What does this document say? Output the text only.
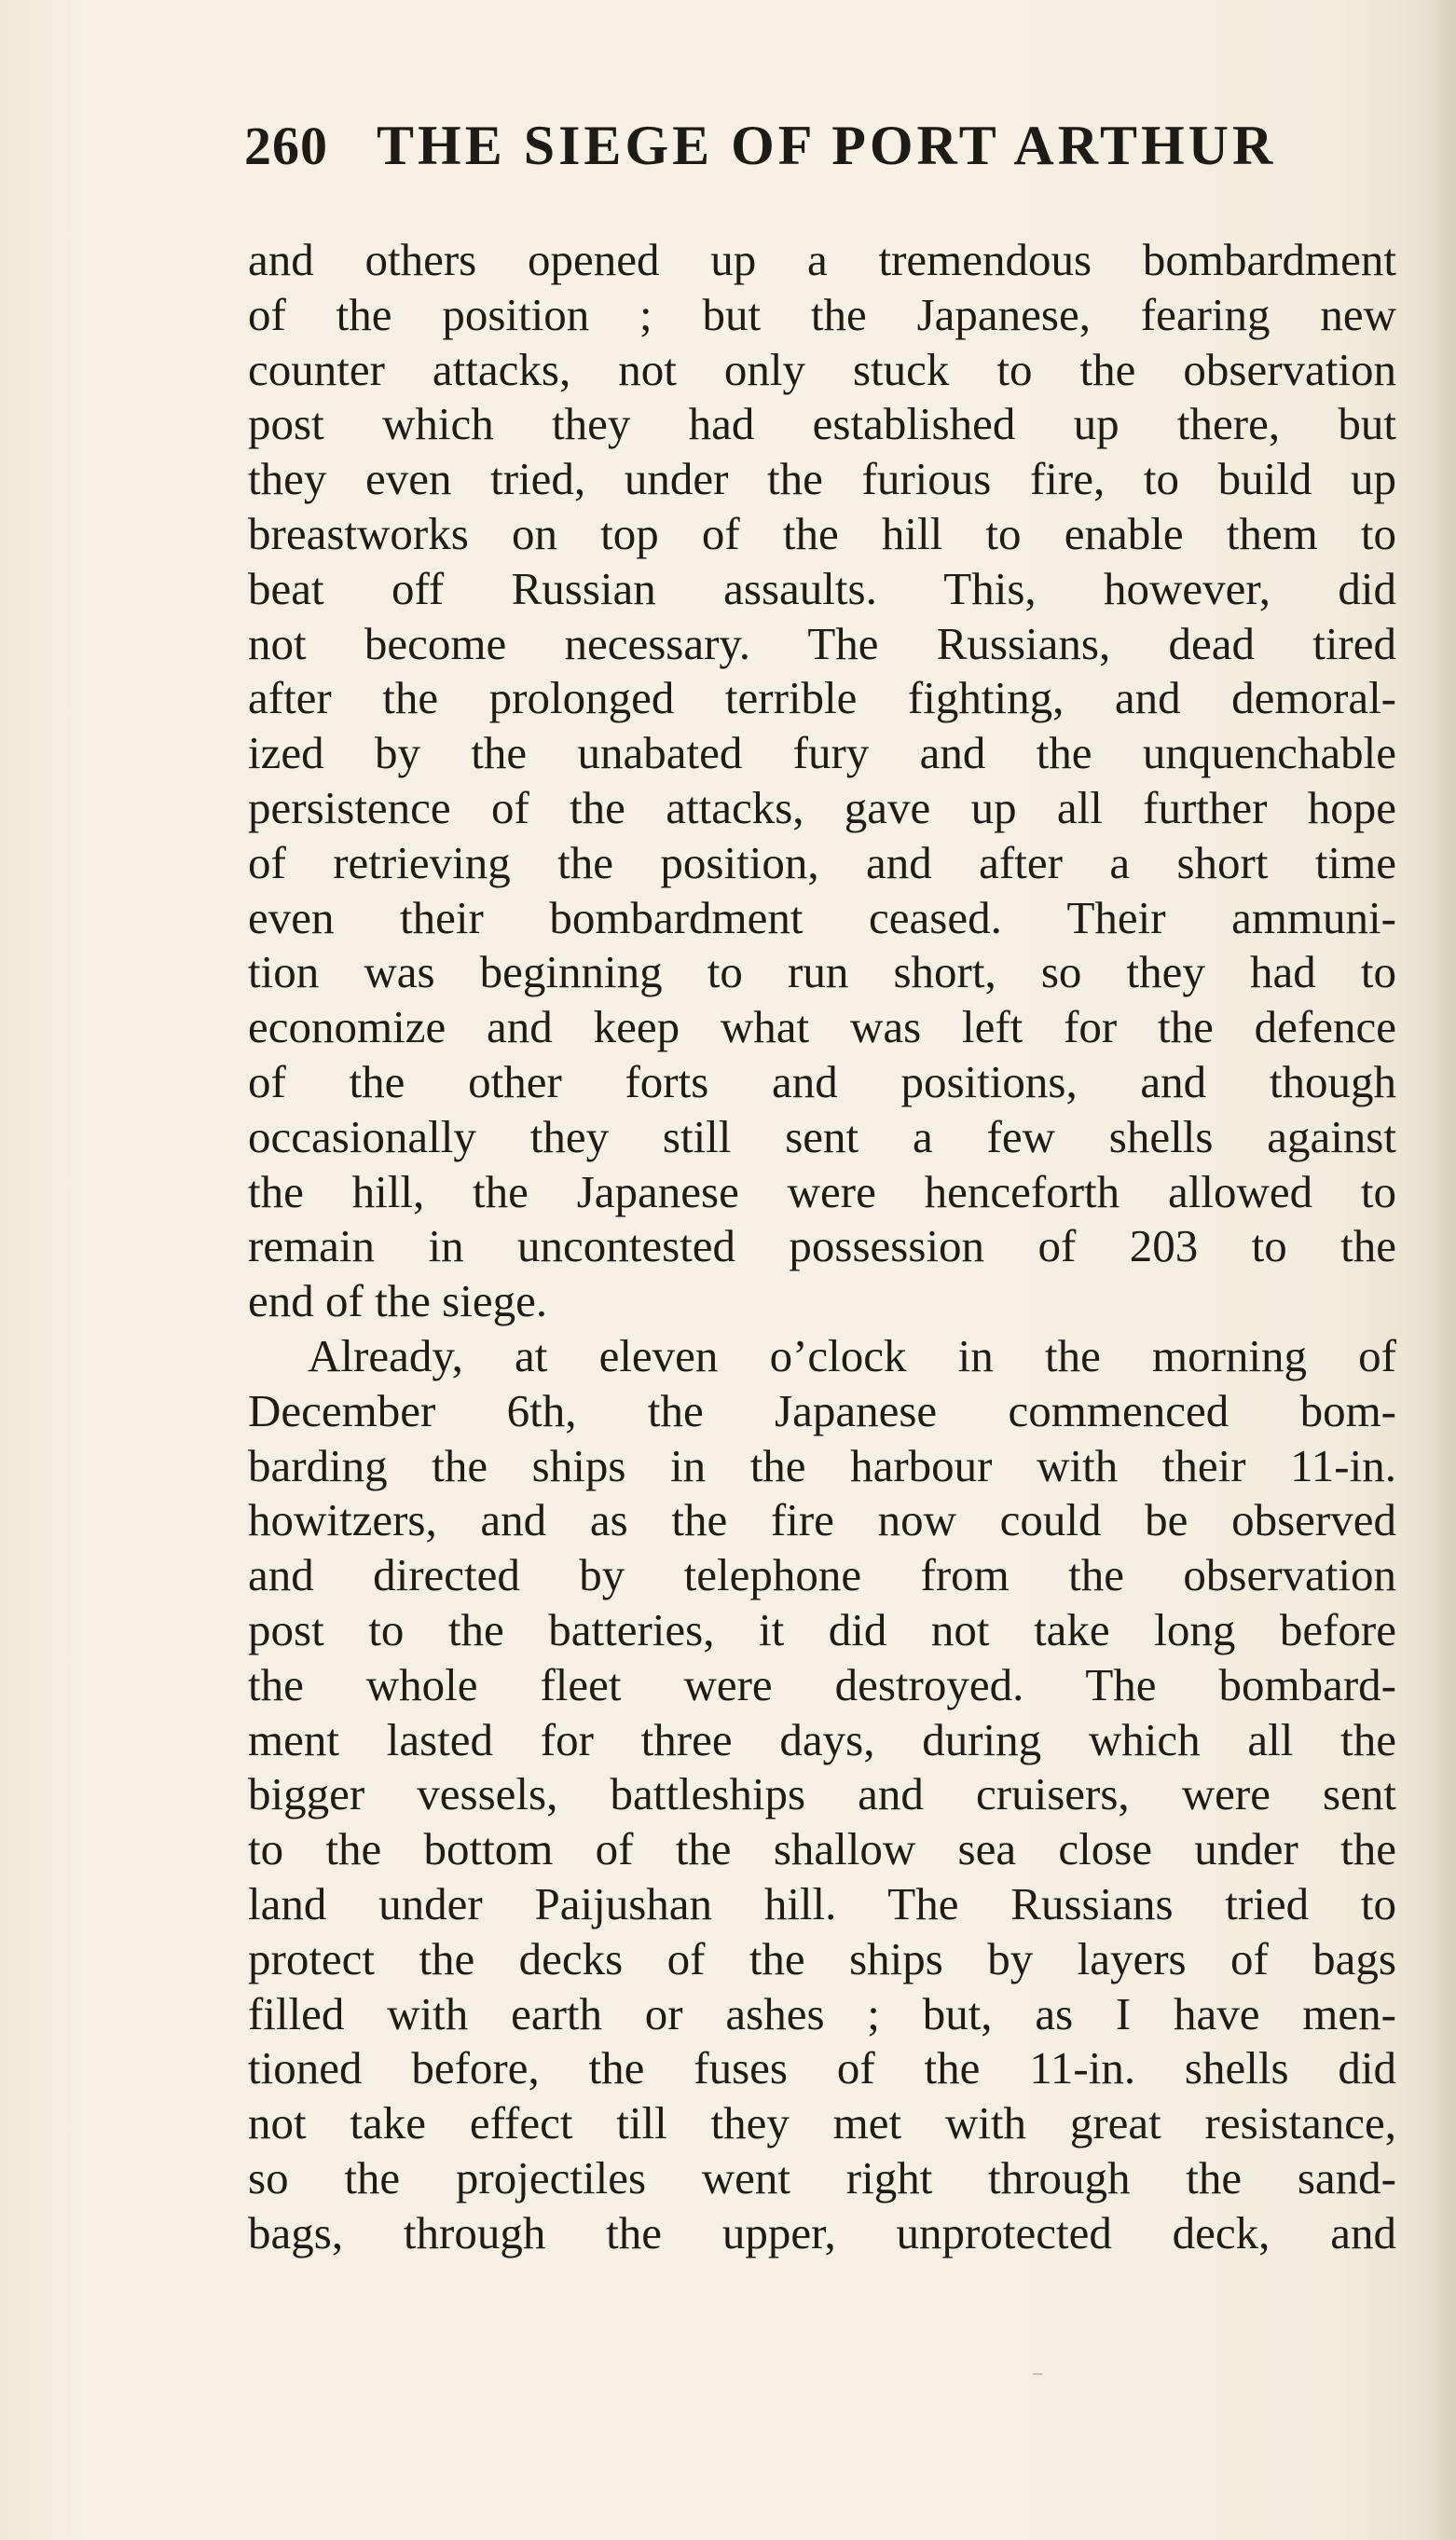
260 THE SIEGE OF PORT ARTHUR
and others opened up a tremendous bombardment
of the position ; but the Japanese, fearing new
counter attacks, not only stuck to the observation
post which they had established up there, but
they even tried, under the furious fire, to build up
breastworks on top of the hill to enable them to
beat off Russian assaults. This, however, did
not become necessary. The Russians, dead tired
after the prolonged terrible fighting, and demoral-
ized by the unabated fury and the unquenchable
persistence of the attacks, gave up all further hope
of retrieving the position, and after a short time
even their bombardment ceased. Their ammuni-
tion was beginning to run short, so they had to
economize and keep what was left for the defence
of the other forts and positions, and though
occasionally they still sent a few shells against
the hill, the Japanese were henceforth allowed to
remain in uncontested possession of 203 to the
end of the siege.
Already, at eleven o’clock in the morning of
December 6th, the Japanese commenced bom-
barding the ships in the harbour with their 11-in.
howitzers, and as the fire now could be observed
and directed by telephone from the observation
post to the batteries, it did not take long before
the whole fleet were destroyed. The bombard-
ment lasted for three days, during which all the
bigger vessels, battleships and cruisers, were sent
to the bottom of the shallow sea close under the
land under Paijushan hill. The Russians tried to
protect the decks of the ships by layers of bags
filled with earth or ashes ; but, as I have men-
tioned before, the fuses of the 11-in. shells did
not take effect till they met with great resistance,
so the projectiles went right through the sand-
bags, through the upper, unprotected deck, and
